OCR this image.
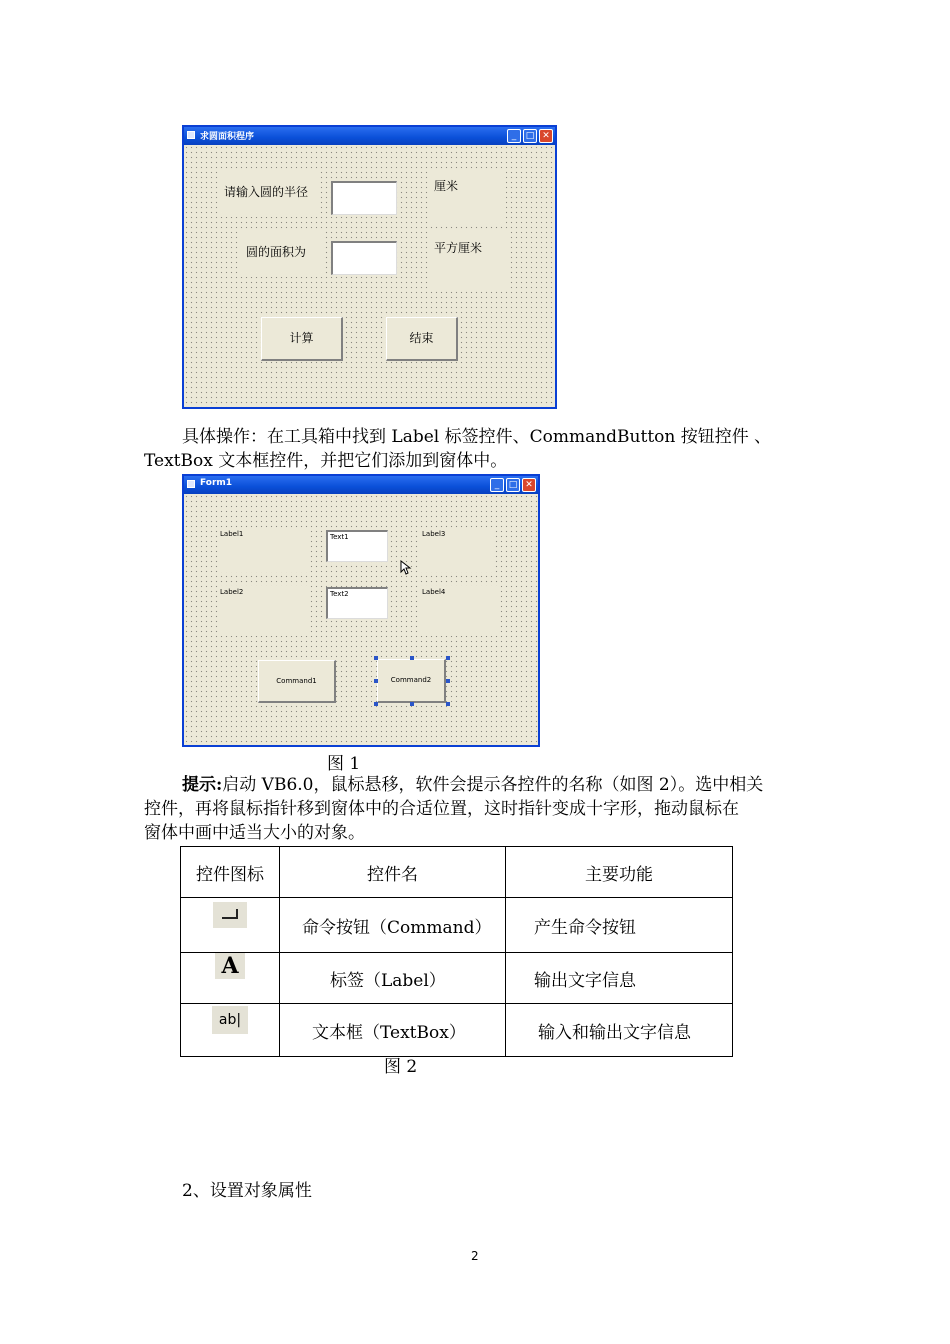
求圆面积程序	_	□ ✕
请输入圆的半径	厘米
圆的面积为	平方厘米
计算	结束
具体操作：在工具箱中找到 Label 标签控件、CommandButton 按钮控件 、
TextBox 文本框控件，并把它们添加到窗体中。
Form1	_	□ ✕
Label1	Text1	Label3
Label2	Text2	Label4
Command1	Command2
图 1
提示:启动 VB6.0，鼠标悬移，软件会提示各控件的名称（如图 2）。选中相关
控件，再将鼠标指针移到窗体中的合适位置，这时指针变成十字形，拖动鼠标在
窗体中画中适当大小的对象。
控件图标	控件名	主要功能

	命令按钮（Command）	产生命令按钮
A	标签（Label）	输出文字信息
ab|	文本框（TextBox）	输入和输出文字信息
图 2
2、设置对象属性
2
